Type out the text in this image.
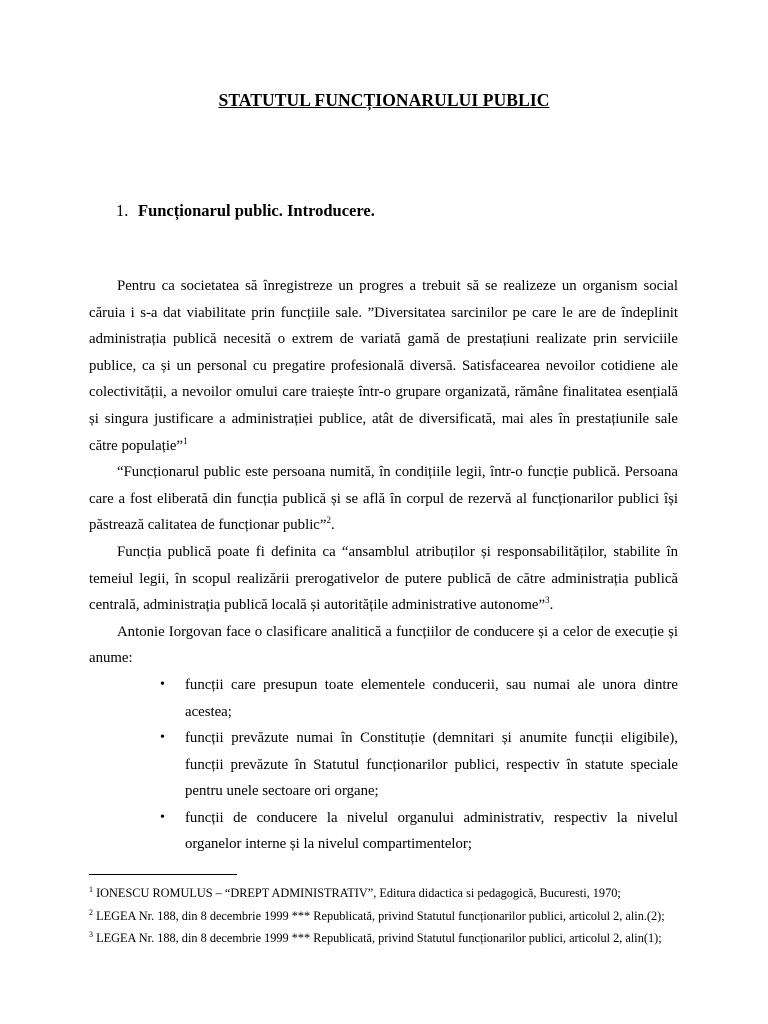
STATUTUL FUNCȚIONARULUI PUBLIC
1. Funcționarul public. Introducere.

Pentru ca societatea să înregistreze un progres a trebuit să se realizeze un organism social căruia i s-a dat viabilitate prin funcțiile sale. ”Diversitatea sarcinilor pe care le are de îndeplinit administrația publică necesită o extrem de variată gamă de prestațiuni realizate prin serviciile publice, ca și un personal cu pregatire profesională diversă. Satisfacearea nevoilor cotidiene ale colectivității, a nevoilor omului care traiește într-o grupare organizată, rămâne finalitatea esențială și singura justificare a administrației publice, atât de diversificată, mai ales în prestațiunile sale către populație”$^1$

“Funcționarul public este persoana numită, în condițiile legii, într-o funcție publică. Persoana care a fost eliberată din funcția publică și se află în corpul de rezervă al funcționarilor publici își păstrează calitatea de funcționar public”$^2$.

Funcția publică poate fi definita ca “ansamblul atribuților și responsabilităților, stabilite în temeiul legii, în scopul realizării prerogativelor de putere publică de către administrația publică centrală, administrația publică locală și autoritățile administrative autonome”$^3$.

Antonie Iorgovan face o clasificare analitică a funcțiilor de conducere și a celor de execuție și anume:

• funcții care presupun toate elementele conducerii, sau numai ale unora dintre acestea;
• funcții prevăzute numai în Constituție (demnitari și anumite funcții eligibile), funcții prevăzute în Statutul funcționarilor publici, respectiv în statute speciale pentru unele sectoare ori organe;
• funcții de conducere la nivelul organului administrativ, respectiv la nivelul organelor interne și la nivelul compartimentelor;
$^1$ IONESCU ROMULUS – “DREPT ADMINISTRATIV”, Editura didactica si pedagogică, Bucuresti, 1970;
$^2$ LEGEA Nr. 188, din 8 decembrie 1999 *** Republicată, privind Statutul funcționarilor publici, articolul 2, alin.(2);
$^3$ LEGEA Nr. 188, din 8 decembrie 1999 *** Republicată, privind Statutul funcționarilor publici, articolul 2, alin(1);
